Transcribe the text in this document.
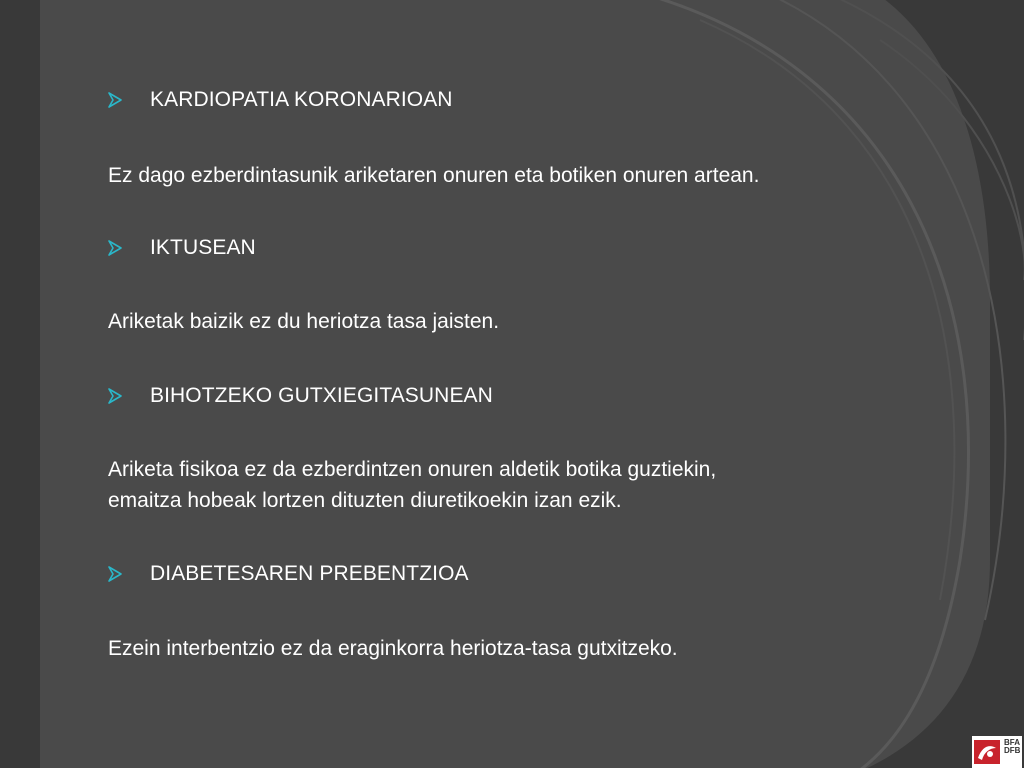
KARDIOPATIA KORONARIOAN
Ez dago ezberdintasunik ariketaren onuren eta botiken onuren artean.
IKTUSEAN
Ariketak baizik ez du heriotza tasa jaisten.
BIHOTZEKO GUTXIEGITASUNEAN
Ariketa fisikoa ez da ezberdintzen onuren aldetik botika guztiekin,
emaitza hobeak lortzen dituzten diuretikoekin izan ezik.
DIABETESAREN PREBENTZIOA
Ezein interbentzio ez da eraginkorra heriotza-tasa gutxitzeko.
BFA
DFB
